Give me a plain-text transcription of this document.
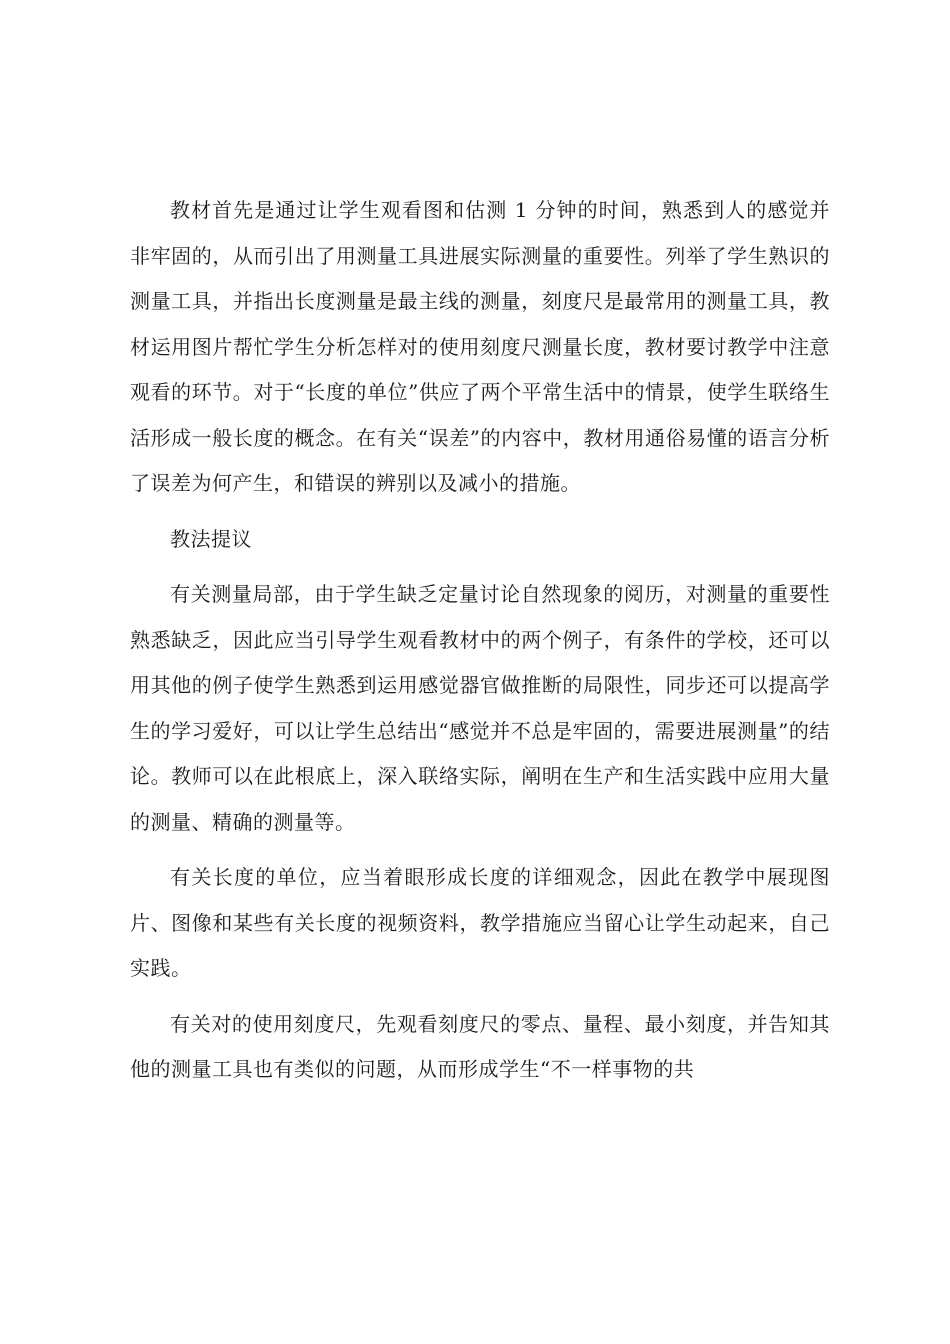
教材首先是通过让学生观看图和估测 1 分钟的时间，熟悉到人的感觉并非牢固的，从而引出了用测量工具进展实际测量的重要性。列举了学生熟识的测量工具，并指出长度测量是最主线的测量，刻度尺是最常用的测量工具，教材运用图片帮忙学生分析怎样对的使用刻度尺测量长度，教材要讨教学中注意观看的环节。对于“长度的单位”供应了两个平常生活中的情景，使学生联络生活形成一般长度的概念。在有关“误差”的内容中，教材用通俗易懂的语言分析了误差为何产生，和错误的辨别以及减小的措施。

教法提议

有关测量局部，由于学生缺乏定量讨论自然现象的阅历，对测量的重要性熟悉缺乏，因此应当引导学生观看教材中的两个例子，有条件的学校，还可以用其他的例子使学生熟悉到运用感觉器官做推断的局限性，同步还可以提高学生的学习爱好，可以让学生总结出“感觉并不总是牢固的，需要进展测量”的结论。教师可以在此根底上，深入联络实际，阐明在生产和生活实践中应用大量的测量、精确的测量等。

有关长度的单位，应当着眼形成长度的详细观念，因此在教学中展现图片、图像和某些有关长度的视频资料，教学措施应当留心让学生动起来，自己实践。

有关对的使用刻度尺，先观看刻度尺的零点、量程、最小刻度，并告知其他的测量工具也有类似的问题，从而形成学生“不一样事物的共
